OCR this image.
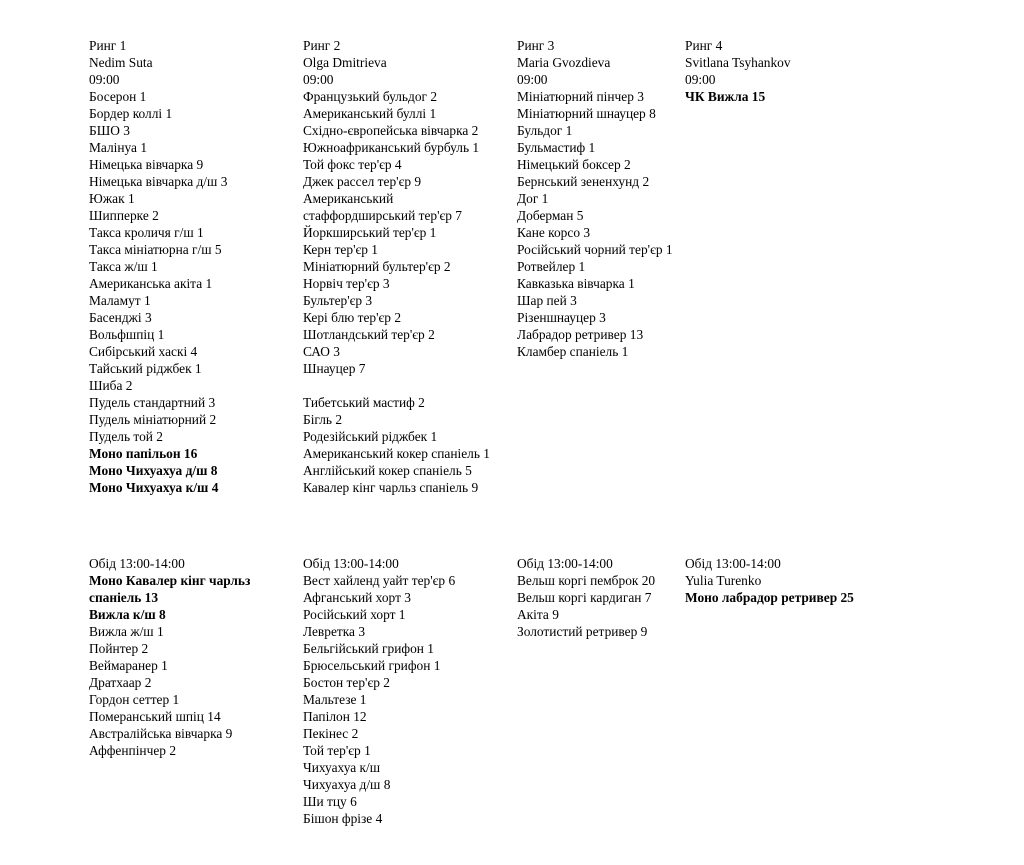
Ринг 1
Nedim Suta
09:00
Босерон 1
Бордер коллі 1
БШО 3
Малінуа 1
Німецька вівчарка 9
Німецька вівчарка д/ш 3
Южак 1
Шипперке 2
Такса кроличя г/ш 1
Такса мініатюрна г/ш 5
Такса ж/ш 1
Американська акіта 1
Маламут 1
Басенджі 3
Вольфшпіц 1
Сибірський хаскі 4
Тайський ріджбек 1
Шиба 2
Пудель стандартний 3
Пудель мініатюрний 2
Пудель той 2
Моно папільон 16
Моно Чихуахуа д/ш 8
Моно Чихуахуа к/ш 4
Ринг 2
Olga Dmitrieva
09:00
Французький бульдог 2
Американський буллі 1
Східно-європейська вівчарка 2
Южноафриканський бурбуль 1
Той фокс тер'єр 4
Джек рассел тер'єр 9
Американський
стаффордширський тер'єр 7
Йоркширський тер'єр 1
Керн тер'єр 1
Мініатюрний бультер'єр 2
Норвіч тер'єр 3
Бультер'єр 3
Кері блю тер'єр 2
Шотландський тер'єр 2
САО 3
Шнауцер 7
Тибетський мастиф 2
Бігль 2
Родезійський ріджбек 1
Американський кокер спаніель 1
Англійський кокер спаніель 5
Кавалер кінг чарльз спаніель 9
Ринг 3
Maria Gvozdieva
09:00
Мініатюрний пінчер 3
Мініатюрний шнауцер 8
Бульдог 1
Бульмастиф 1
Німецький боксер 2
Бернський зененхунд 2
Дог 1
Доберман 5
Кане корсо 3
Російський чорний тер'єр 1
Ротвейлер 1
Кавказька вівчарка 1
Шар пей 3
Різеншнауцер 3
Лабрадор ретривер 13
Кламбер спаніель 1
Ринг 4
Svitlana Tsyhankov
09:00
ЧК Вижла 15
Обід 13:00-14:00
Моно Кавалер кінг чарльз спаніель 13
Вижла к/ш 8
Вижла ж/ш 1
Пойнтер 2
Веймаранер 1
Дратхаар 2
Гордон сеттер 1
Померанський шпіц 14
Австралійська вівчарка 9
Аффенпінчер 2
Обід 13:00-14:00
Вест хайленд уайт тер'єр 6
Афганський хорт 3
Російський хорт 1
Левретка 3
Бельгійський грифон 1
Брюсельський грифон 1
Бостон тер'єр 2
Мальтезе 1
Папілон 12
Пекінес 2
Той тер'єр 1
Чихуахуа к/ш
Чихуахуа д/ш 8
Ши тцу 6
Бішон фрізе 4
Обід 13:00-14:00
Вельш коргі пемброк 20
Вельш коргі кардиган 7
Акіта 9
Золотистий ретривер 9
Обід 13:00-14:00
Yulia Turenko
Моно лабрадор ретривер 25
